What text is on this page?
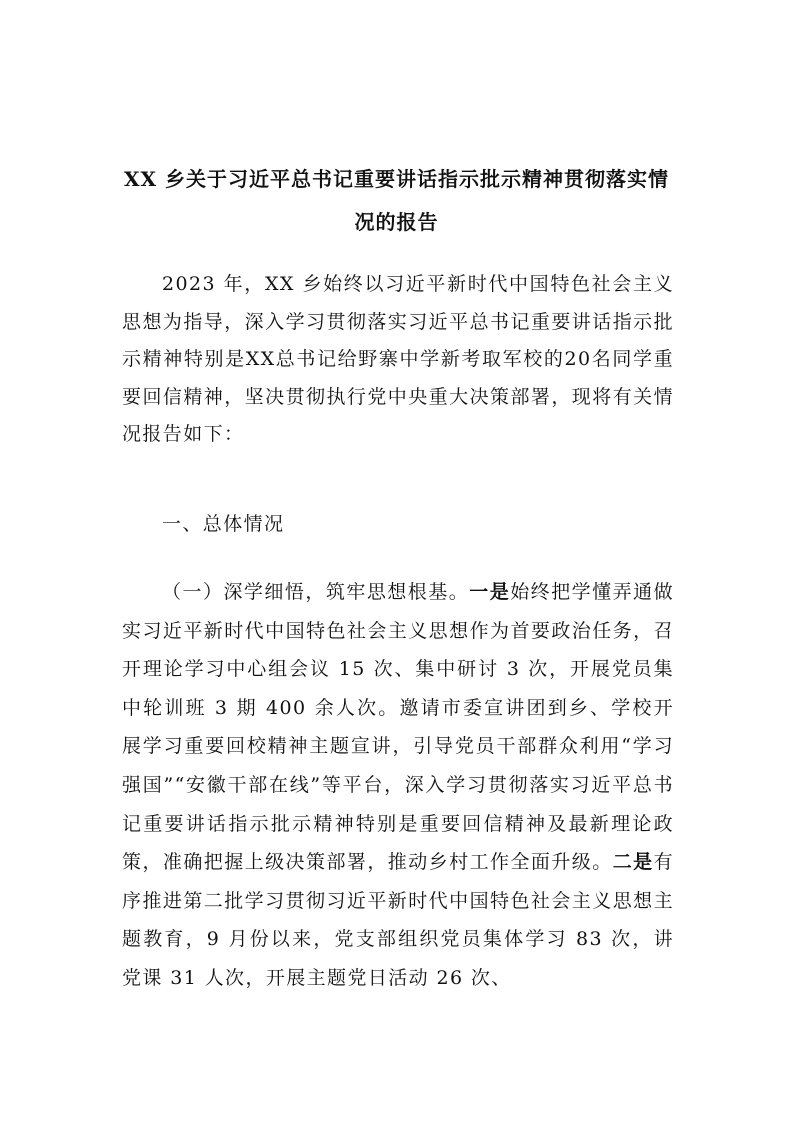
XX 乡关于习近平总书记重要讲话指示批示精神贯彻落实情
况的报告
2023 年，XX 乡始终以习近平新时代中国特色社会主义思想为指导，深入学习贯彻落实习近平总书记重要讲话指示批示精神特别是XX总书记给野寨中学新考取军校的20名同学重要回信精神，坚决贯彻执行党中央重大决策部署，现将有关情况报告如下：
一、总体情况
（一）深学细悟，筑牢思想根基。一是始终把学懂弄通做实习近平新时代中国特色社会主义思想作为首要政治任务，召开理论学习中心组会议 15 次、集中研讨 3 次，开展党员集中轮训班 3 期 400 余人次。邀请市委宣讲团到乡、学校开展学习重要回校精神主题宣讲，引导党员干部群众利用“学习强国”“安徽干部在线”等平台，深入学习贯彻落实习近平总书记重要讲话指示批示精神特别是重要回信精神及最新理论政策，准确把握上级决策部署，推动乡村工作全面升级。二是有序推进第二批学习贯彻习近平新时代中国特色社会主义思想主题教育，9 月份以来，党支部组织党员集体学习 83 次，讲党课 31 人次，开展主题党日活动 26 次、
